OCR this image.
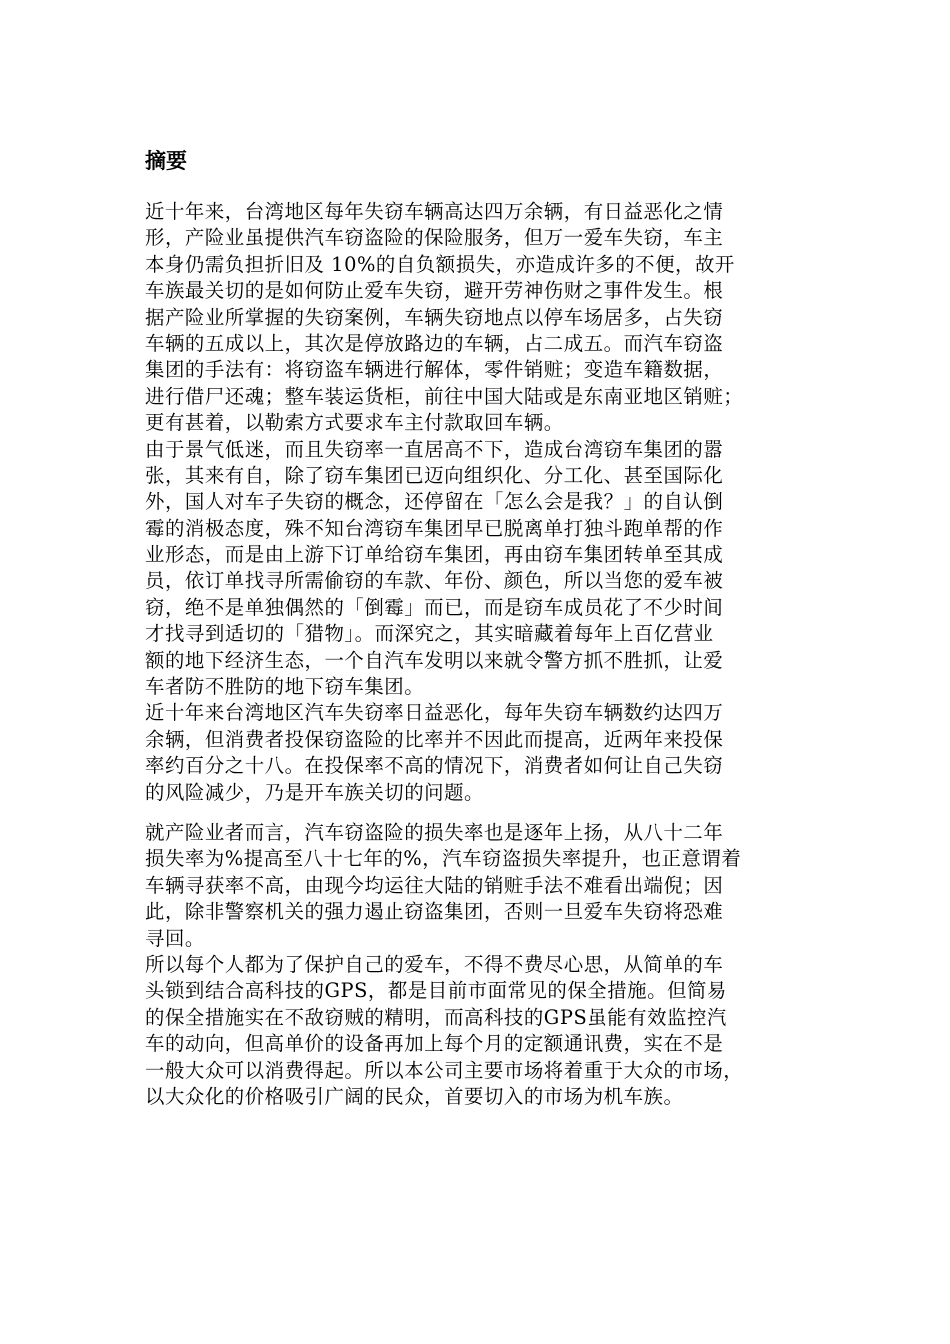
摘要
近十年来，台湾地区每年失窃车辆高达四万余辆，有日益恶化之情
形，产险业虽提供汽车窃盗险的保险服务，但万一爱车失窃，车主
本身仍需负担折旧及 10%的自负额损失，亦造成许多的不便，故开
车族最关切的是如何防止爱车失窃，避开劳神伤财之事件发生。根
据产险业所掌握的失窃案例，车辆失窃地点以停车场居多，占失窃
车辆的五成以上，其次是停放路边的车辆，占二成五。而汽车窃盗
集团的手法有：将窃盗车辆进行解体，零件销赃；变造车籍数据，
进行借尸还魂；整车装运货柜，前往中国大陆或是东南亚地区销赃；
更有甚着，以勒索方式要求车主付款取回车辆。
由于景气低迷，而且失窃率一直居高不下，造成台湾窃车集团的嚣
张，其来有自，除了窃车集团已迈向组织化、分工化、甚至国际化
外，国人对车子失窃的概念，还停留在「怎么会是我？」的自认倒
霉的消极态度，殊不知台湾窃车集团早已脱离单打独斗跑单帮的作
业形态，而是由上游下订单给窃车集团，再由窃车集团转单至其成
员，依订单找寻所需偷窃的车款、年份、颜色，所以当您的爱车被
窃，绝不是单独偶然的「倒霉」而已，而是窃车成员花了不少时间
才找寻到适切的「猎物」。而深究之，其实暗藏着每年上百亿营业
额的地下经济生态，一个自汽车发明以来就令警方抓不胜抓，让爱
车者防不胜防的地下窃车集团。
近十年来台湾地区汽车失窃率日益恶化，每年失窃车辆数约达四万
余辆，但消费者投保窃盗险的比率并不因此而提高，近两年来投保
率约百分之十八。在投保率不高的情况下，消费者如何让自己失窃
的风险减少，乃是开车族关切的问题。
就产险业者而言，汽车窃盗险的损失率也是逐年上扬，从八十二年
损失率为%提高至八十七年的%，汽车窃盗损失率提升，也正意谓着
车辆寻获率不高，由现今均运往大陆的销赃手法不难看出端倪；因
此，除非警察机关的强力遏止窃盗集团，否则一旦爱车失窃将恐难
寻回。
所以每个人都为了保护自己的爱车，不得不费尽心思，从简单的车
头锁到结合高科技的GPS，都是目前市面常见的保全措施。但简易
的保全措施实在不敌窃贼的精明，而高科技的GPS虽能有效监控汽
车的动向，但高单价的设备再加上每个月的定额通讯费，实在不是
一般大众可以消费得起。所以本公司主要市场将着重于大众的市场，
以大众化的价格吸引广阔的民众，首要切入的市场为机车族。
